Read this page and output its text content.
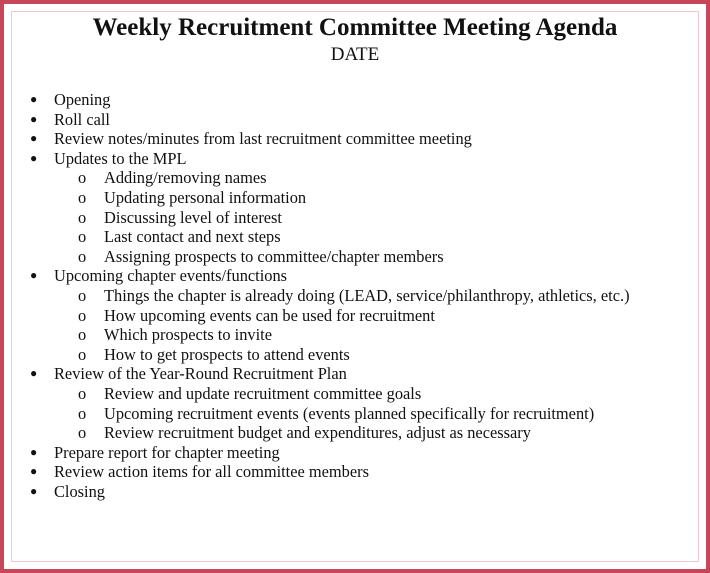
Weekly Recruitment Committee Meeting Agenda
DATE
● Opening
● Roll call
● Review notes/minutes from last recruitment committee meeting
● Updates to the MPL
o Adding/removing names
o Updating personal information
o Discussing level of interest
o Last contact and next steps
o Assigning prospects to committee/chapter members
● Upcoming chapter events/functions
o Things the chapter is already doing (LEAD, service/philanthropy, athletics, etc.)
o How upcoming events can be used for recruitment
o Which prospects to invite
o How to get prospects to attend events
● Review of the Year-Round Recruitment Plan
o Review and update recruitment committee goals
o Upcoming recruitment events (events planned specifically for recruitment)
o Review recruitment budget and expenditures, adjust as necessary
● Prepare report for chapter meeting
● Review action items for all committee members
● Closing
